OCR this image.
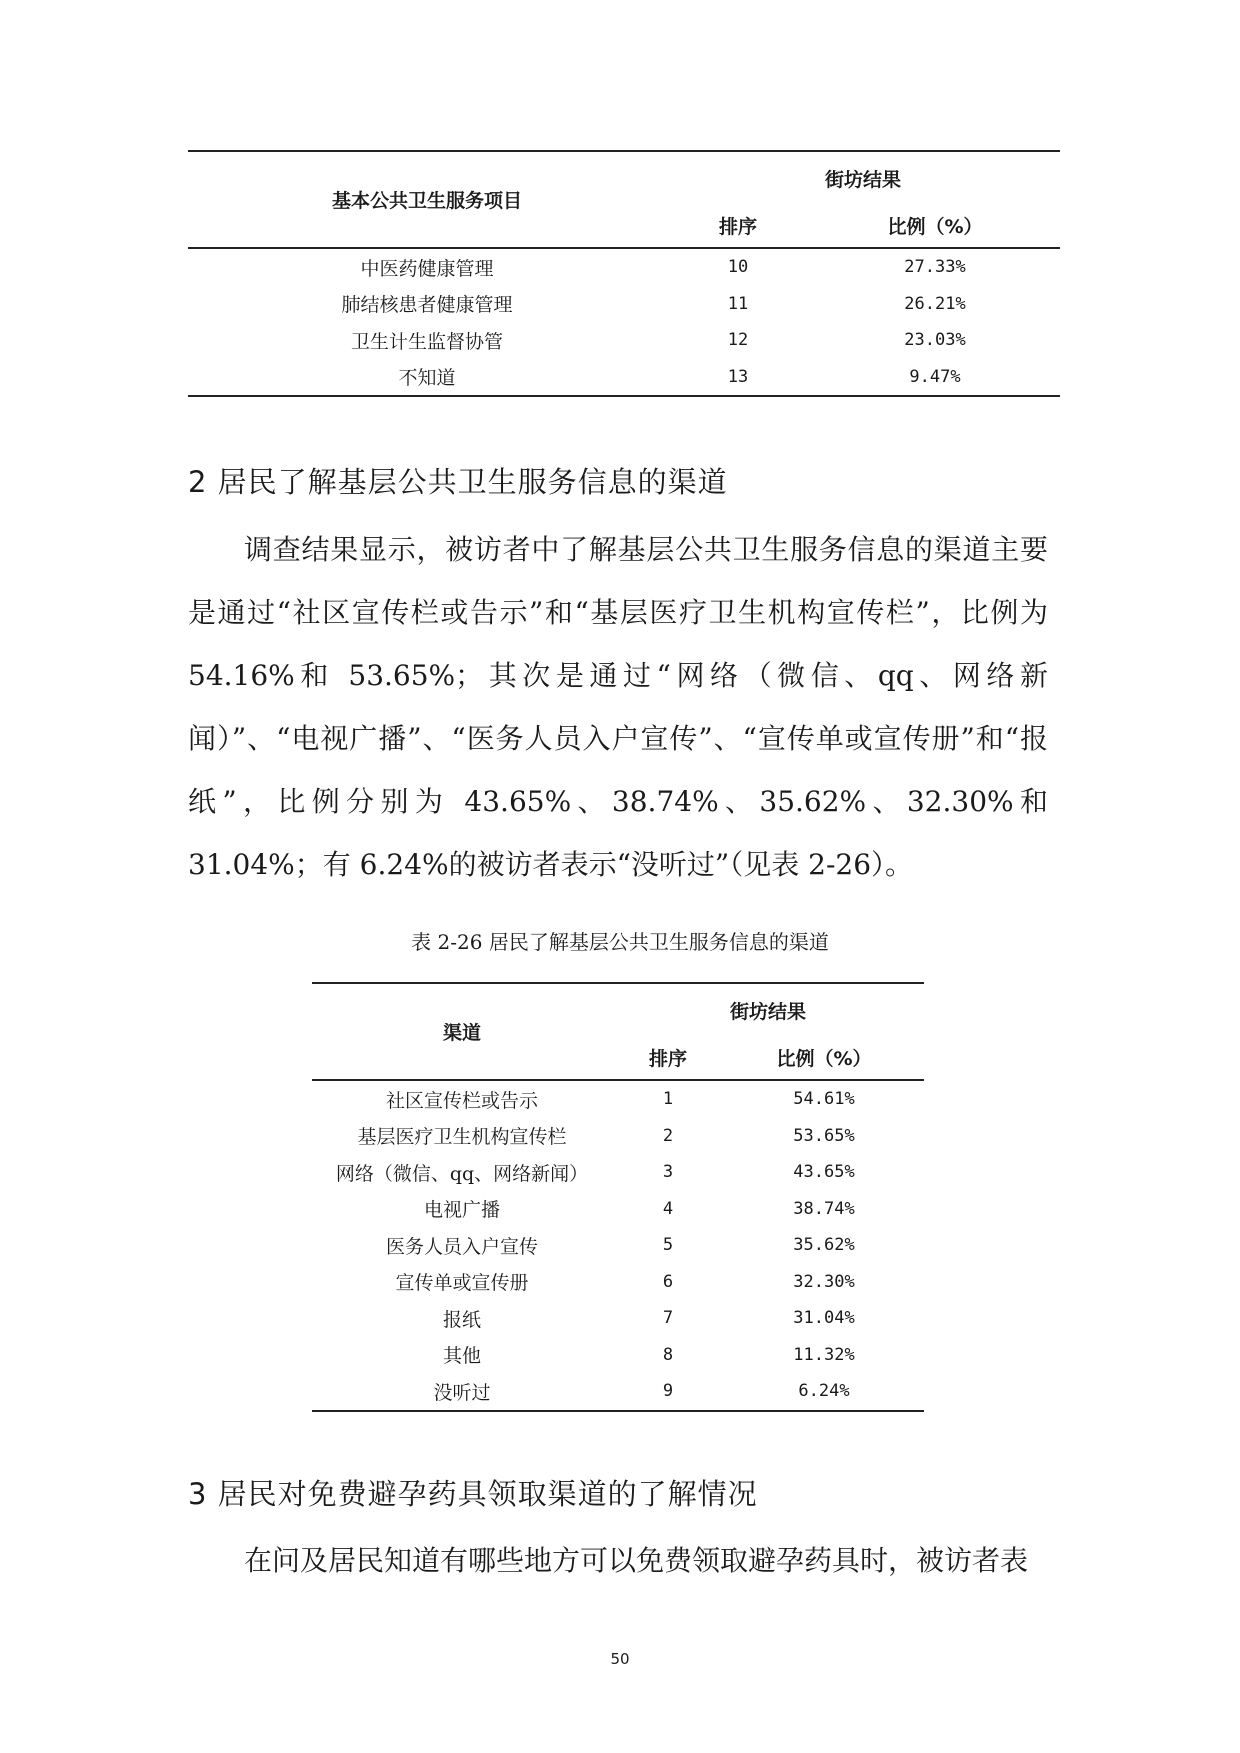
基本公共卫生服务项目	街坊结果	
	排序	比例（%）
中医药健康管理	10	27.33%
肺结核患者健康管理	11	26.21%
卫生计生监督协管	12	23.03%
不知道	13	9.47%
2 居民了解基层公共卫生服务信息的渠道

调查结果显示，被访者中了解基层公共卫生服务信息的渠道主要是通过“社区宣传栏或告示”和“基层医疗卫生机构宣传栏”，比例为 54.16%和 53.65%；其次是通过“网络（微信、qq、网络新闻）”、“电视广播”、“医务人员入户宣传”、“宣传单或宣传册”和“报纸”，比例分别为 43.65%、38.74%、35.62%、32.30%和 31.04%；有 6.24%的被访者表示“没听过”（见表 2-26）。

表 2-26 居民了解基层公共卫生服务信息的渠道
渠道	街坊结果	
	排序	比例（%）
社区宣传栏或告示	1	54.61%
基层医疗卫生机构宣传栏	2	53.65%
网络（微信、qq、网络新闻）	3	43.65%
电视广播	4	38.74%
医务人员入户宣传	5	35.62%
宣传单或宣传册	6	32.30%
报纸	7	31.04%
其他	8	11.32%
没听过	9	6.24%
3 居民对免费避孕药具领取渠道的了解情况

在问及居民知道有哪些地方可以免费领取避孕药具时，被访者表

50
